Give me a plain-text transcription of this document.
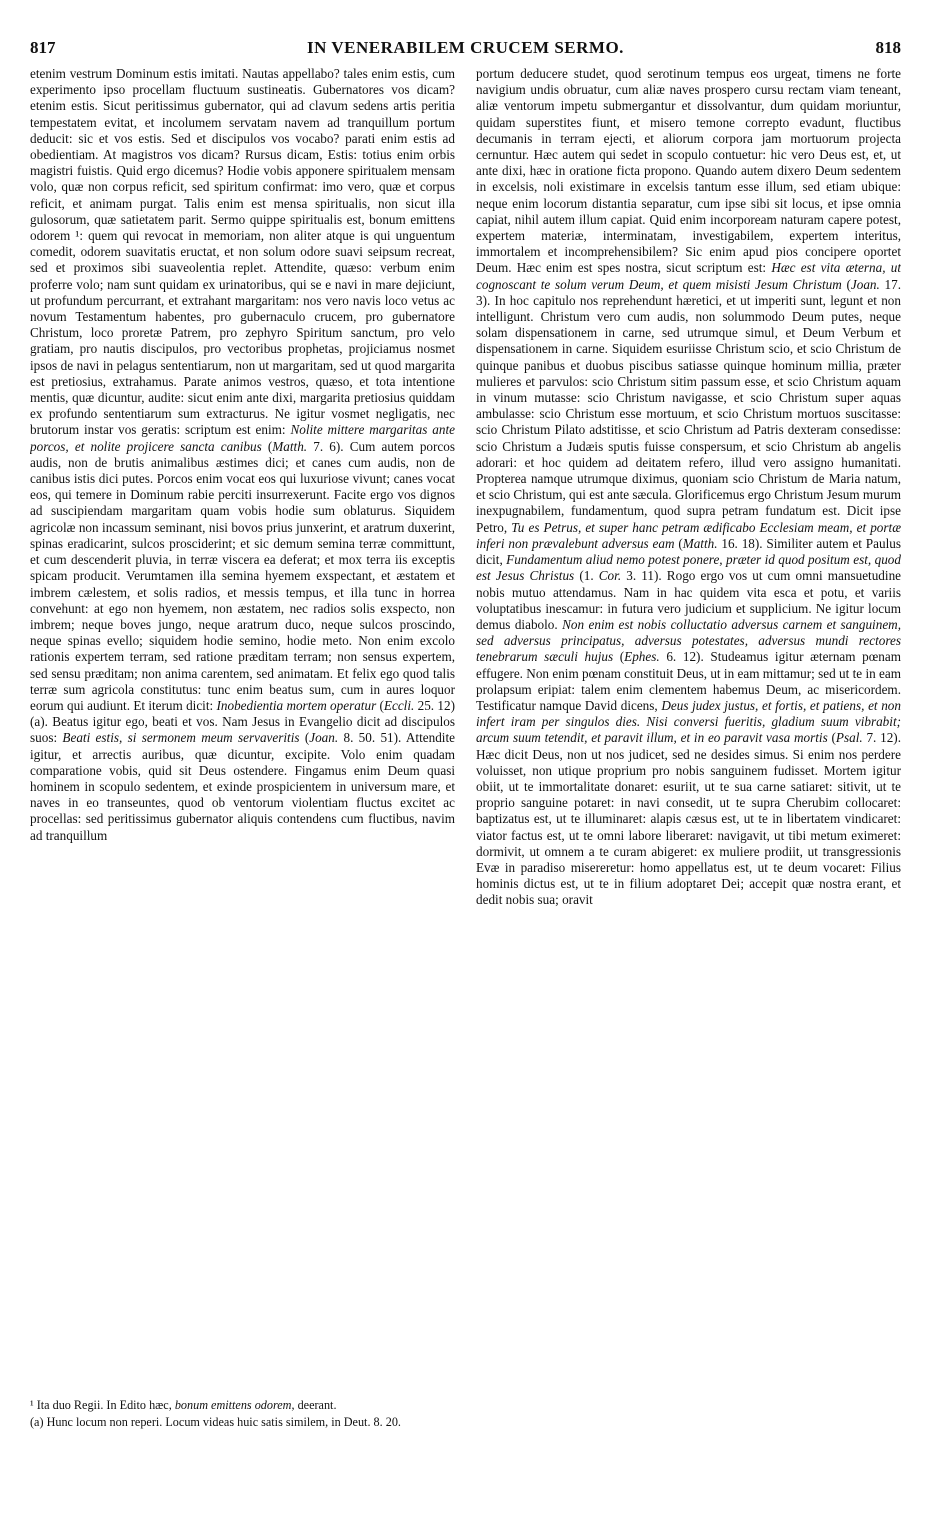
817	IN VENERABILEM CRUCEM SERMO.	818

etenim vestrum Dominum estis imitati. Nautas appellabo? tales enim estis, cum experimento ipso procellam fluctuum sustineatis. Gubernatores vos dicam? etenim estis. Sicut peritissimus gubernator, qui ad clavum sedens artis peritia tempestatem evitat, et incolumem servatam navem ad tranquillum portum deducit: sic et vos estis. Sed et discipulos vos vocabo? parati enim estis ad obedientiam. At magistros vos dicam? Rursus dicam, Estis: totius enim orbis magistri fuistis. Quid ergo dicemus? Hodie vobis apponere spiritualem mensam volo, quæ non corpus reficit, sed spiritum confirmat: imo vero, quæ et corpus reficit, et animam purgat. Talis enim est mensa spiritualis, non sicut illa gulosorum, quæ satietatem parit. Sermo quippe spiritualis est, bonum emittens odorem ¹: quem qui revocat in memoriam, non aliter atque is qui unguentum comedit, odorem suavitatis eructat, et non solum odore suavi seipsum recreat, sed et proximos sibi suaveolentia replet. Attendite, quæso: verbum enim proferre volo; nam sunt quidam ex urinatoribus, qui se e navi in mare dejiciunt, ut profundum percurrant, et extrahant margaritam: nos vero navis loco vetus ac novum Testamentum habentes, pro gubernaculo crucem, pro gubernatore Christum, loco proretæ Patrem, pro zephyro Spiritum sanctum, pro velo gratiam, pro nautis discipulos, pro vectoribus prophetas, projiciamus nosmet ipsos de navi in pelagus sententiarum, non ut margaritam, sed ut quod margarita est pretiosius, extrahamus. Parate animos vestros, quæso, et tota intentione mentis, quæ dicuntur, audite: sicut enim ante dixi, margarita pretiosius quiddam ex profundo sententiarum sum extracturus. Ne igitur vosmet negligatis, nec brutorum instar vos geratis: scriptum est enim: Nolite mittere margaritas ante porcos, et nolite projicere sancta canibus (Matth. 7. 6). Cum autem porcos audis, non de brutis animalibus æstimes dici; et canes cum audis, non de canibus istis dici putes. Porcos enim vocat eos qui luxuriose vivunt; canes vocat eos, qui temere in Dominum rabie perciti insurrexerunt. Facite ergo vos dignos ad suscipiendam margaritam quam vobis hodie sum oblaturus. Siquidem agricolæ non incassum seminant, nisi bovos prius junxerint, et aratrum duxerint, spinas eradicarint, sulcos prosciderint; et sic demum semina terræ committunt, et cum descenderit pluvia, in terræ viscera ea deferat; et mox terra iis exceptis spicam producit. Verumtamen illa semina hyemem exspectant, et æstatem et imbrem cælestem, et solis radios, et messis tempus, et illa tunc in horrea convehunt: at ego non hyemem, non æstatem, nec radios solis exspecto, non imbrem; neque boves jungo, neque aratrum duco, neque sulcos proscindo, neque spinas evello; siquidem hodie semino, hodie meto. Non enim excolo rationis expertem terram, sed ratione præditam terram; non sensus expertem, sed sensu præditam; non anima carentem, sed animatam. Et felix ego quod talis terræ sum agricola constitutus: tunc enim beatus sum, cum in aures loquor eorum qui audiunt. Et iterum dicit: Inobedientia mortem operatur (Eccli. 25. 12) (a). Beatus igitur ego, beati et vos. Nam Jesus in Evangelio dicit ad discipulos suos: Beati estis, si sermonem meum servaveritis (Joan. 8. 50. 51). Attendite igitur, et arrectis auribus, quæ dicuntur, excipite. Volo enim quadam comparatione vobis, quid sit Deus ostendere. Fingamus enim Deum quasi hominem in scopulo sedentem, et exinde prospicientem in universum mare, et naves in eo transeuntes, quod ob ventorum violentiam fluctus excitet ac procellas: sed peritissimus gubernator aliquis contendens cum fluctibus, navim ad tranquillum

¹ Ita duo Regii. In Edito hæc, bonum emittens odorem, deerant.

(a) Hunc locum non reperi. Locum videas huic satis similem, in Deut. 8. 20.

portum deducere studet, quod serotinum tempus eos urgeat, timens ne forte navigium undis obruatur, cum aliæ naves prospero cursu rectam viam teneant, aliæ ventorum impetu submergantur et dissolvantur, dum quidam moriuntur, quidam superstites fiunt, et misero temone correpto evadunt, fluctibus decumanis in terram ejecti, et aliorum corpora jam mortuorum projecta cernuntur. Hæc autem qui sedet in scopulo contuetur: hic vero Deus est, et, ut ante dixi, hæc in oratione ficta propono. Quando autem dixero Deum sedentem in excelsis, noli existimare in excelsis tantum esse illum, sed etiam ubique: neque enim locorum distantia separatur, cum ipse sibi sit locus, et ipse omnia capiat, nihil autem illum capiat. Quid enim incorpoream naturam capere potest, expertem materiæ, interminatam, investigabilem, expertem interitus, immortalem et incomprehensibilem? Sic enim apud pios concipere oportet Deum. Hæc enim est spes nostra, sicut scriptum est: Hæc est vita æterna, ut cognoscant te solum verum Deum, et quem misisti Jesum Christum (Joan. 17. 3). In hoc capitulo nos reprehendunt hæretici, et ut imperiti sunt, legunt et non intelligunt. Christum vero cum audis, non solummodo Deum putes, neque solam dispensationem in carne, sed utrumque simul, et Deum Verbum et dispensationem in carne. Siquidem esuriisse Christum scio, et scio Christum de quinque panibus et duobus piscibus satiasse quinque hominum millia, præter mulieres et parvulos: scio Christum sitim passum esse, et scio Christum aquam in vinum mutasse: scio Christum navigasse, et scio Christum super aquas ambulasse: scio Christum esse mortuum, et scio Christum mortuos suscitasse: scio Christum Pilato adstitisse, et scio Christum ad Patris dexteram consedisse: scio Christum a Judæis sputis fuisse conspersum, et scio Christum ab angelis adorari: et hoc quidem ad deitatem refero, illud vero assigno humanitati. Propterea namque utrumque diximus, quoniam scio Christum de Maria natum, et scio Christum, qui est ante sæcula. Glorificemus ergo Christum Jesum murum inexpugnabilem, fundamentum, quod supra petram fundatum est. Dicit ipse Petro, Tu es Petrus, et super hanc petram ædificabo Ecclesiam meam, et portæ inferi non prævalebunt adversus eam (Matth. 16. 18). Similiter autem et Paulus dicit, Fundamentum aliud nemo potest ponere, præter id quod positum est, quod est Jesus Christus (1. Cor. 3. 11). Rogo ergo vos ut cum omni mansuetudine nobis mutuo attendamus. Nam in hac quidem vita esca et potu, et variis voluptatibus inescamur: in futura vero judicium et supplicium. Ne igitur locum demus diabolo. Non enim est nobis colluctatio adversus carnem et sanguinem, sed adversus principatus, adversus potestates, adversus mundi rectores tenebrarum sæculi hujus (Ephes. 6. 12). Studeamus igitur æternam pœnam effugere. Non enim pœnam constituit Deus, ut in eam mittamur; sed ut te in eam prolapsum eripiat: talem enim clementem habemus Deum, ac misericordem. Testificatur namque David dicens, Deus judex justus, et fortis, et patiens, et non infert iram per singulos dies. Nisi conversi fueritis, gladium suum vibrabit; arcum suum tetendit, et paravit illum, et in eo paravit vasa mortis (Psal. 7. 12). Hæc dicit Deus, non ut nos judicet, sed ne desides simus. Si enim nos perdere voluisset, non utique proprium pro nobis sanguinem fudisset. Mortem igitur obiit, ut te immortalitate donaret: esuriit, ut te sua carne satiaret: sitivit, ut te proprio sanguine potaret: in navi consedit, ut te supra Cherubim collocaret: baptizatus est, ut te illuminaret: alapis cæsus est, ut te in libertatem vindicaret: viator factus est, ut te omni labore liberaret: navigavit, ut tibi metum eximeret: dormivit, ut omnem a te curam abigeret: ex muliere prodiit, ut transgressionis Evæ in paradiso misereretur: homo appellatus est, ut te deum vocaret: Filius hominis dictus est, ut te in filium adoptaret Dei; accepit quæ nostra erant, et dedit nobis sua; oravit
